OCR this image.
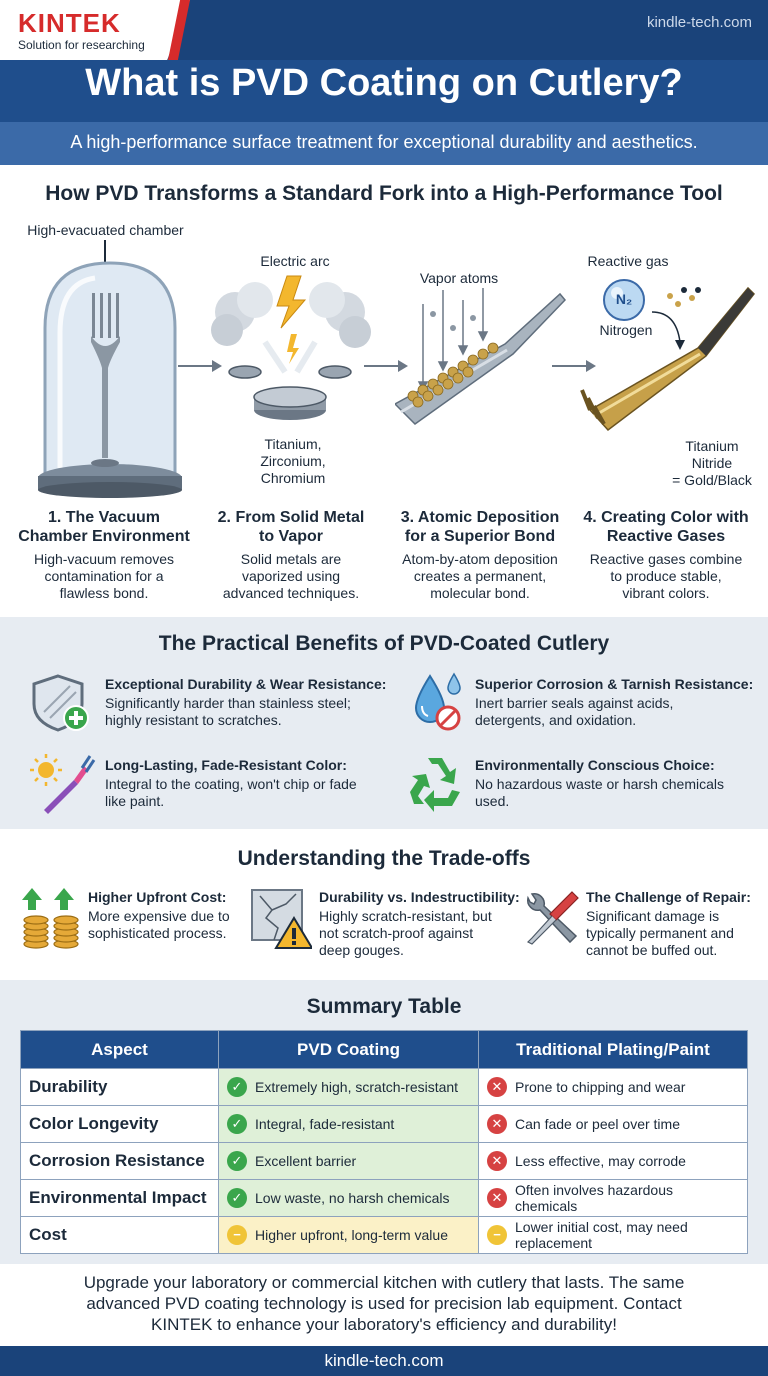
KINTEK
Solution for researching
kindle-tech.com
What is PVD Coating on Cutlery?
A high-performance surface treatment for exceptional durability and aesthetics.
How PVD Transforms a Standard Fork into a High-Performance Tool
High-evacuated chamber
Electric arc
Titanium,
Zirconium,
Chromium
Vapor atoms
Reactive gas
N₂
Nitrogen
Titanium
Nitride
= Gold/Black
1. The Vacuum
Chamber Environment
High-vacuum removes
contamination for a
flawless bond.
2. From Solid Metal
to Vapor
Solid metals are
vaporized using
advanced techniques.
3. Atomic Deposition
for a Superior Bond
Atom-by-atom deposition
creates a permanent,
molecular bond.
4. Creating Color with
Reactive Gases
Reactive gases combine
to produce stable,
vibrant colors.
The Practical Benefits of PVD-Coated Cutlery
Exceptional Durability & Wear Resistance:
Significantly harder than stainless steel;
highly resistant to scratches.
Superior Corrosion & Tarnish Resistance:
Inert barrier seals against acids,
detergents, and oxidation.
Long-Lasting, Fade-Resistant Color:
Integral to the coating, won't chip or fade
like paint.
Environmentally Conscious Choice:
No hazardous waste or harsh chemicals
used.
Understanding the Trade-offs
Higher Upfront Cost:
More expensive due to
sophisticated process.
Durability vs. Indestructibility:
Highly scratch-resistant, but
not scratch-proof against
deep gouges.
The Challenge of Repair:
Significant damage is
typically permanent and
cannot be buffed out.
Summary Table
Aspect	PVD Coating	Traditional Plating/Paint
Durability	✓ Extremely high, scratch-resistant	✕ Prone to chipping and wear

Color Longevity	✓ Integral, fade-resistant	✕ Can fade or peel over time

Corrosion Resistance	✓ Excellent barrier	✕ Less effective, may corrode

Environmental Impact	✓ Low waste, no harsh chemicals	✕ Often involves hazardous chemicals

Cost	− Higher upfront, long-term value	− Lower initial cost, may need replacement
Upgrade your laboratory or commercial kitchen with cutlery that lasts. The same
advanced PVD coating technology is used for precision lab equipment. Contact
KINTEK to enhance your laboratory's efficiency and durability!
kindle-tech.com
